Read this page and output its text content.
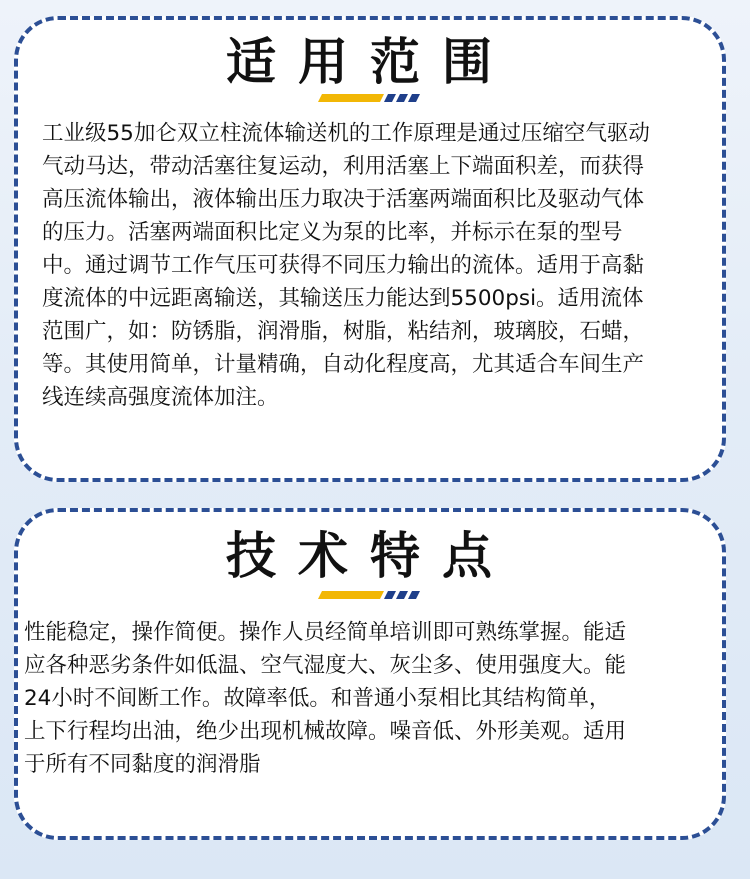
适用范围

工业级55加仑双立柱流体输送机的工作原理是通过压缩空气驱动
气动马达，带动活塞往复运动，利用活塞上下端面积差，而获得
高压流体输出，液体输出压力取决于活塞两端面积比及驱动气体
的压力。活塞两端面积比定义为泵的比率，并标示在泵的型号
中。通过调节工作气压可获得不同压力输出的流体。适用于高黏
度流体的中远距离输送，其输送压力能达到5500psi。适用流体
范围广，如：防锈脂，润滑脂，树脂，粘结剂，玻璃胶，石蜡，
等。其使用简单，计量精确，自动化程度高，尤其适合车间生产
线连续高强度流体加注。

技术特点

性能稳定，操作简便。操作人员经简单培训即可熟练掌握。能适
应各种恶劣条件如低温、空气湿度大、灰尘多、使用强度大。能
24小时不间断工作。故障率低。和普通小泵相比其结构简单，
上下行程均出油，绝少出现机械故障。噪音低、外形美观。适用
于所有不同黏度的润滑脂
